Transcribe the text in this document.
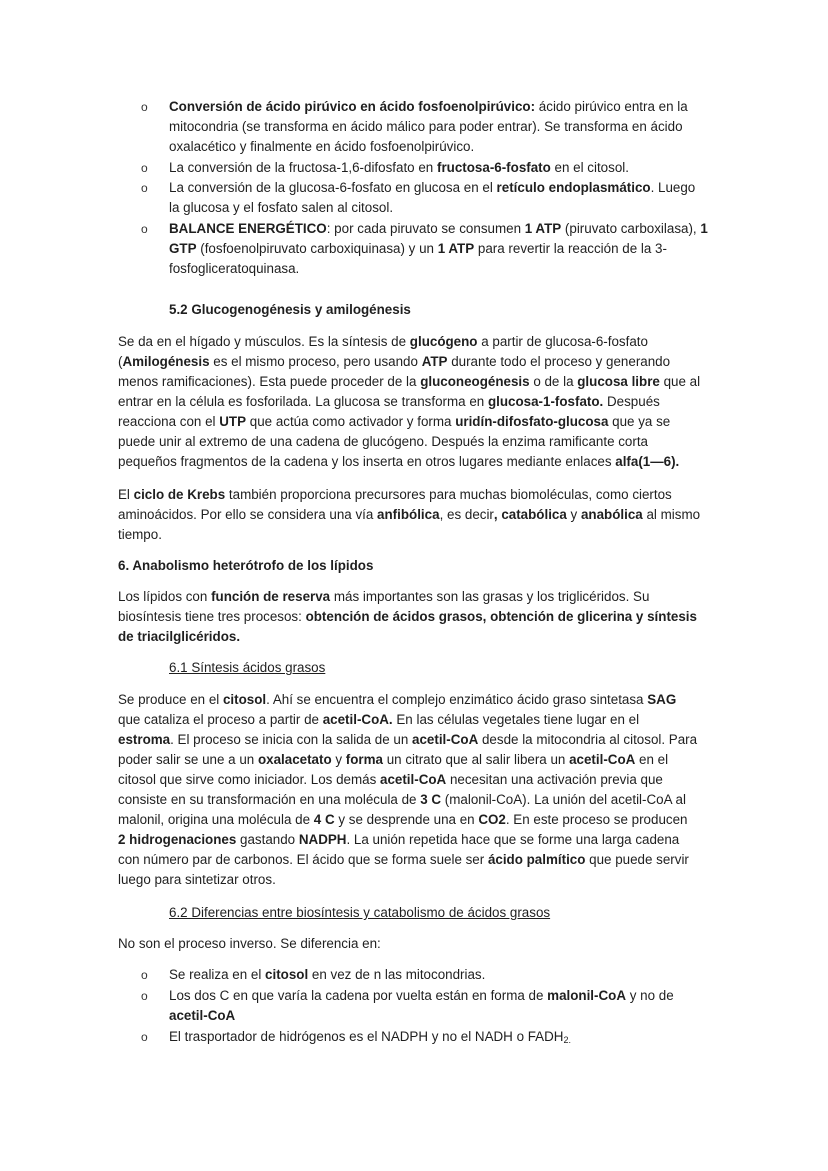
o	Conversión de ácido pirúvico en ácido fosfoenolpirúvico: ácido pirúvico entra en la
mitocondria (se transforma en ácido málico para poder entrar). Se transforma en ácido
oxalacético y finalmente en ácido fosfoenolpirúvico.
o	La conversión de la fructosa-1,6-difosfato en fructosa-6-fosfato en el citosol.
o	La conversión de la glucosa-6-fosfato en glucosa en el retículo endoplasmático. Luego
la glucosa y el fosfato salen al citosol.
o	BALANCE ENERGÉTICO: por cada piruvato se consumen 1 ATP (piruvato carboxilasa), 1
GTP (fosfoenolpiruvato carboxiquinasa) y un 1 ATP para revertir la reacción de la 3-
fosfogliceratoquinasa.
5.2 Glucogenogénesis y amilogénesis
Se da en el hígado y músculos. Es la síntesis de glucógeno a partir de glucosa-6-fosfato
(Amilogénesis es el mismo proceso, pero usando ATP durante todo el proceso y generando
menos ramificaciones). Esta puede proceder de la gluconeogénesis o de la glucosa libre que al
entrar en la célula es fosforilada. La glucosa se transforma en glucosa-1-fosfato. Después
reacciona con el UTP que actúa como activador y forma uridín-difosfato-glucosa que ya se
puede unir al extremo de una cadena de glucógeno. Después la enzima ramificante corta
pequeños fragmentos de la cadena y los inserta en otros lugares mediante enlaces alfa(1—6).
El ciclo de Krebs también proporciona precursores para muchas biomoléculas, como ciertos
aminoácidos. Por ello se considera una vía anfibólica, es decir, catabólica y anabólica al mismo
tiempo.
6. Anabolismo heterótrofo de los lípidos
Los lípidos con función de reserva más importantes son las grasas y los triglicéridos. Su
biosíntesis tiene tres procesos: obtención de ácidos grasos, obtención de glicerina y síntesis
de triacilglicéridos.
6.1 Síntesis ácidos grasos
Se produce en el citosol. Ahí se encuentra el complejo enzimático ácido graso sintetasa SAG
que cataliza el proceso a partir de acetil-CoA. En las células vegetales tiene lugar en el
estroma. El proceso se inicia con la salida de un acetil-CoA desde la mitocondria al citosol. Para
poder salir se une a un oxalacetato y forma un citrato que al salir libera un acetil-CoA en el
citosol que sirve como iniciador. Los demás acetil-CoA necesitan una activación previa que
consiste en su transformación en una molécula de 3 C (malonil-CoA). La unión del acetil-CoA al
malonil, origina una molécula de 4 C y se desprende una en CO2. En este proceso se producen
2 hidrogenaciones gastando NADPH. La unión repetida hace que se forme una larga cadena
con número par de carbonos. El ácido que se forma suele ser ácido palmítico que puede servir
luego para sintetizar otros.
6.2 Diferencias entre biosíntesis y catabolismo de ácidos grasos
No son el proceso inverso. Se diferencia en:
o	Se realiza en el citosol en vez de n las mitocondrias.
o	Los dos C en que varía la cadena por vuelta están en forma de malonil-CoA y no de
acetil-CoA
o	El trasportador de hidrógenos es el NADPH y no el NADH o $FADH_{2.}$
